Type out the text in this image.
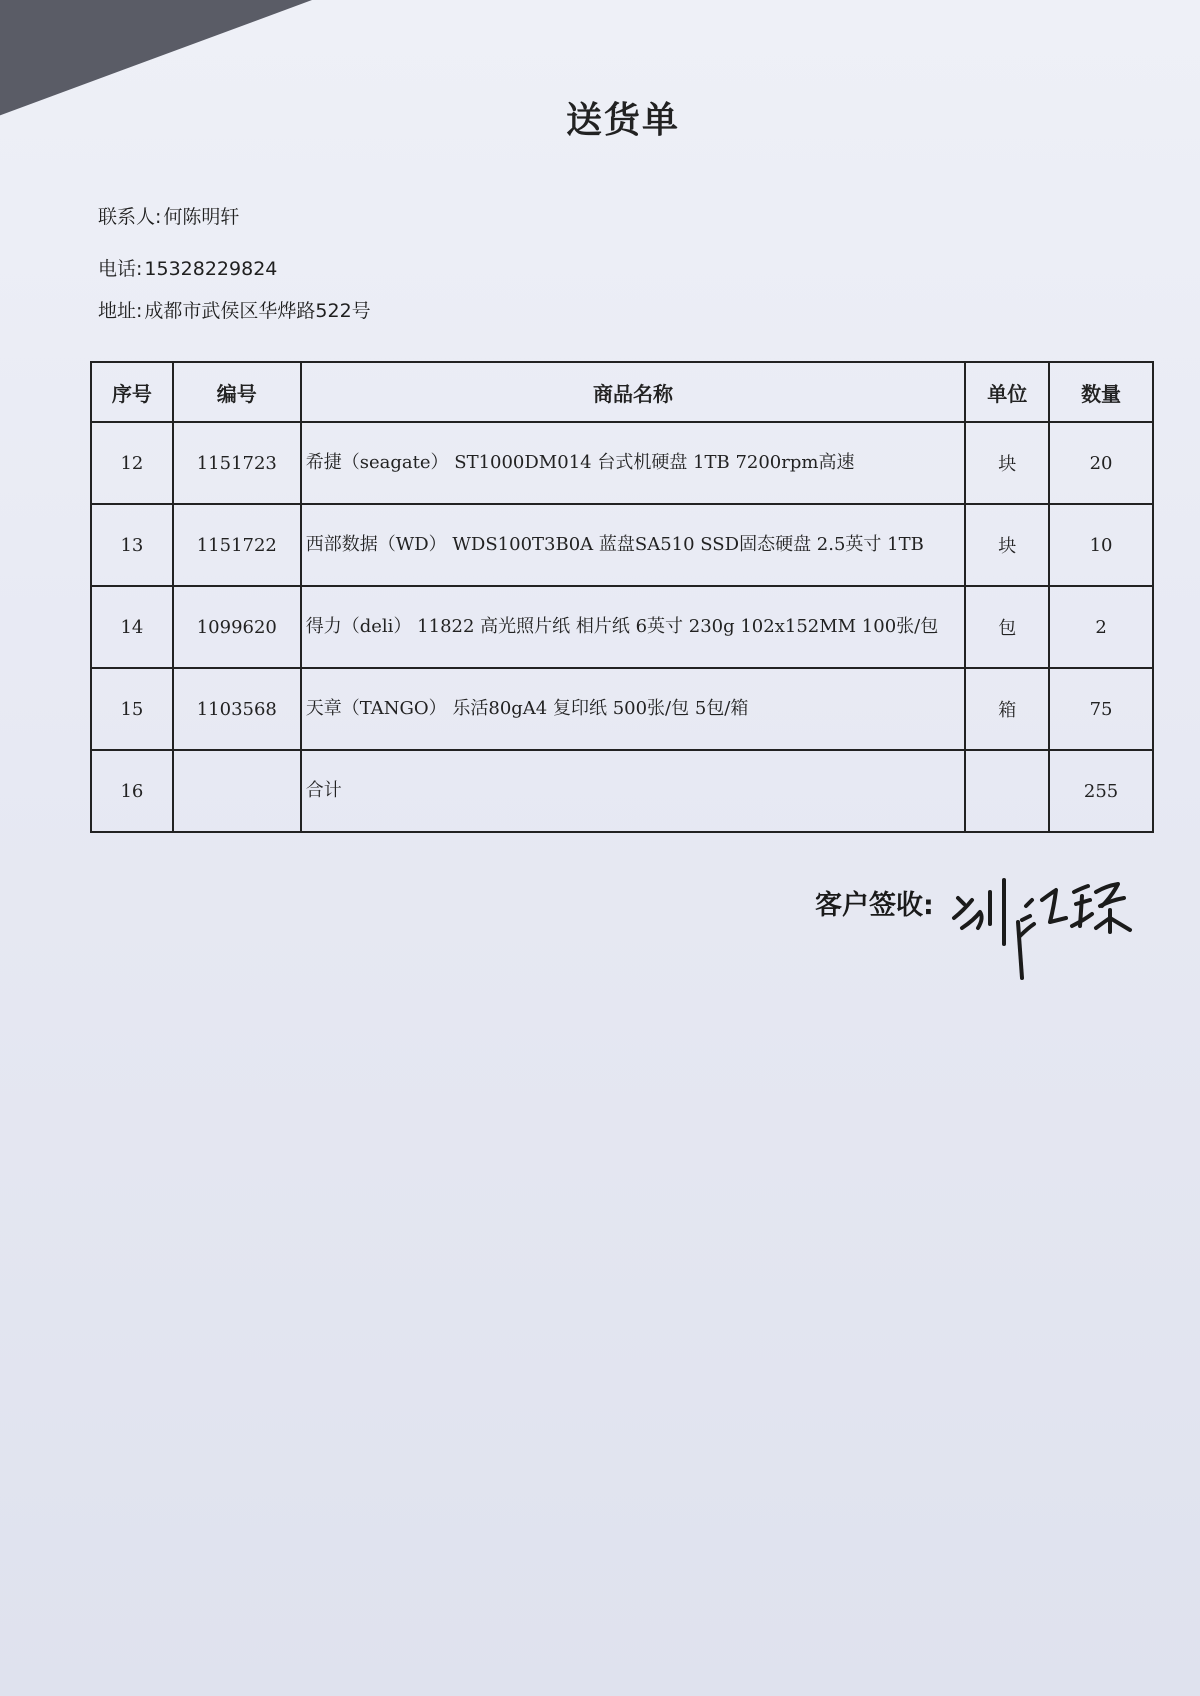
送货单
联系人: 何陈明轩
电话: 15328229824
地址: 成都市武侯区华烨路522号
序号	编号	商品名称	单位	数量
12	1151723	希捷（seagate） ST1000DM014 台式机硬盘 1TB 7200rpm高速	块	20
13	1151722	西部数据（WD） WDS100T3B0A 蓝盘SA510 SSD固态硬盘 2.5英寸 1TB	块	10
14	1099620	得力（deli） 11822 高光照片纸 相片纸 6英寸 230g 102x152MM 100张/包	包	2
15	1103568	天章（TANGO） 乐活80gA4 复印纸 500张/包 5包/箱	箱	75
16		合计		255
客户签收:
